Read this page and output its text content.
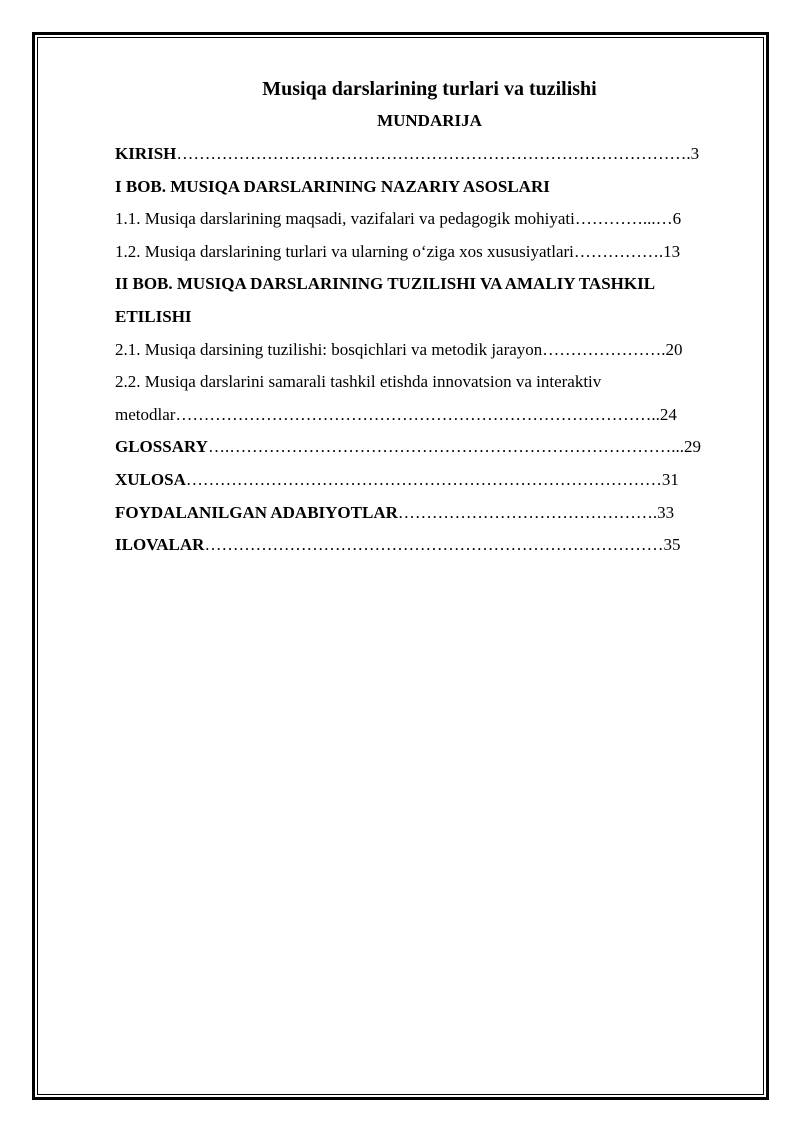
Musiqa darslarining turlari va tuzilishi
MUNDARIJA
KIRISH……………………………………………………………………………….3
I BOB. MUSIQA DARSLARINING NAZARIY ASOSLARI
1.1. Musiqa darslarining maqsadi, vazifalari va pedagogik mohiyati…………...…6
1.2. Musiqa darslarining turlari va ularning o‘ziga xos xususiyatlari…………….13
II BOB. MUSIQA DARSLARINING TUZILISHI VA AMALIY TASHKIL
ETILISHI
2.1. Musiqa darsining tuzilishi: bosqichlari va metodik jarayon………………….20
2.2. Musiqa darslarini samarali tashkil etishda innovatsion va interaktiv
metodlar…………………………………………………………………………..24
GLOSSARY….……………………………………………………………………...29
XULOSA…………………………………………………………………………31
FOYDALANILGAN ADABIYOTLAR……………………………………….33
ILOVALAR………………………………………………………………………35
